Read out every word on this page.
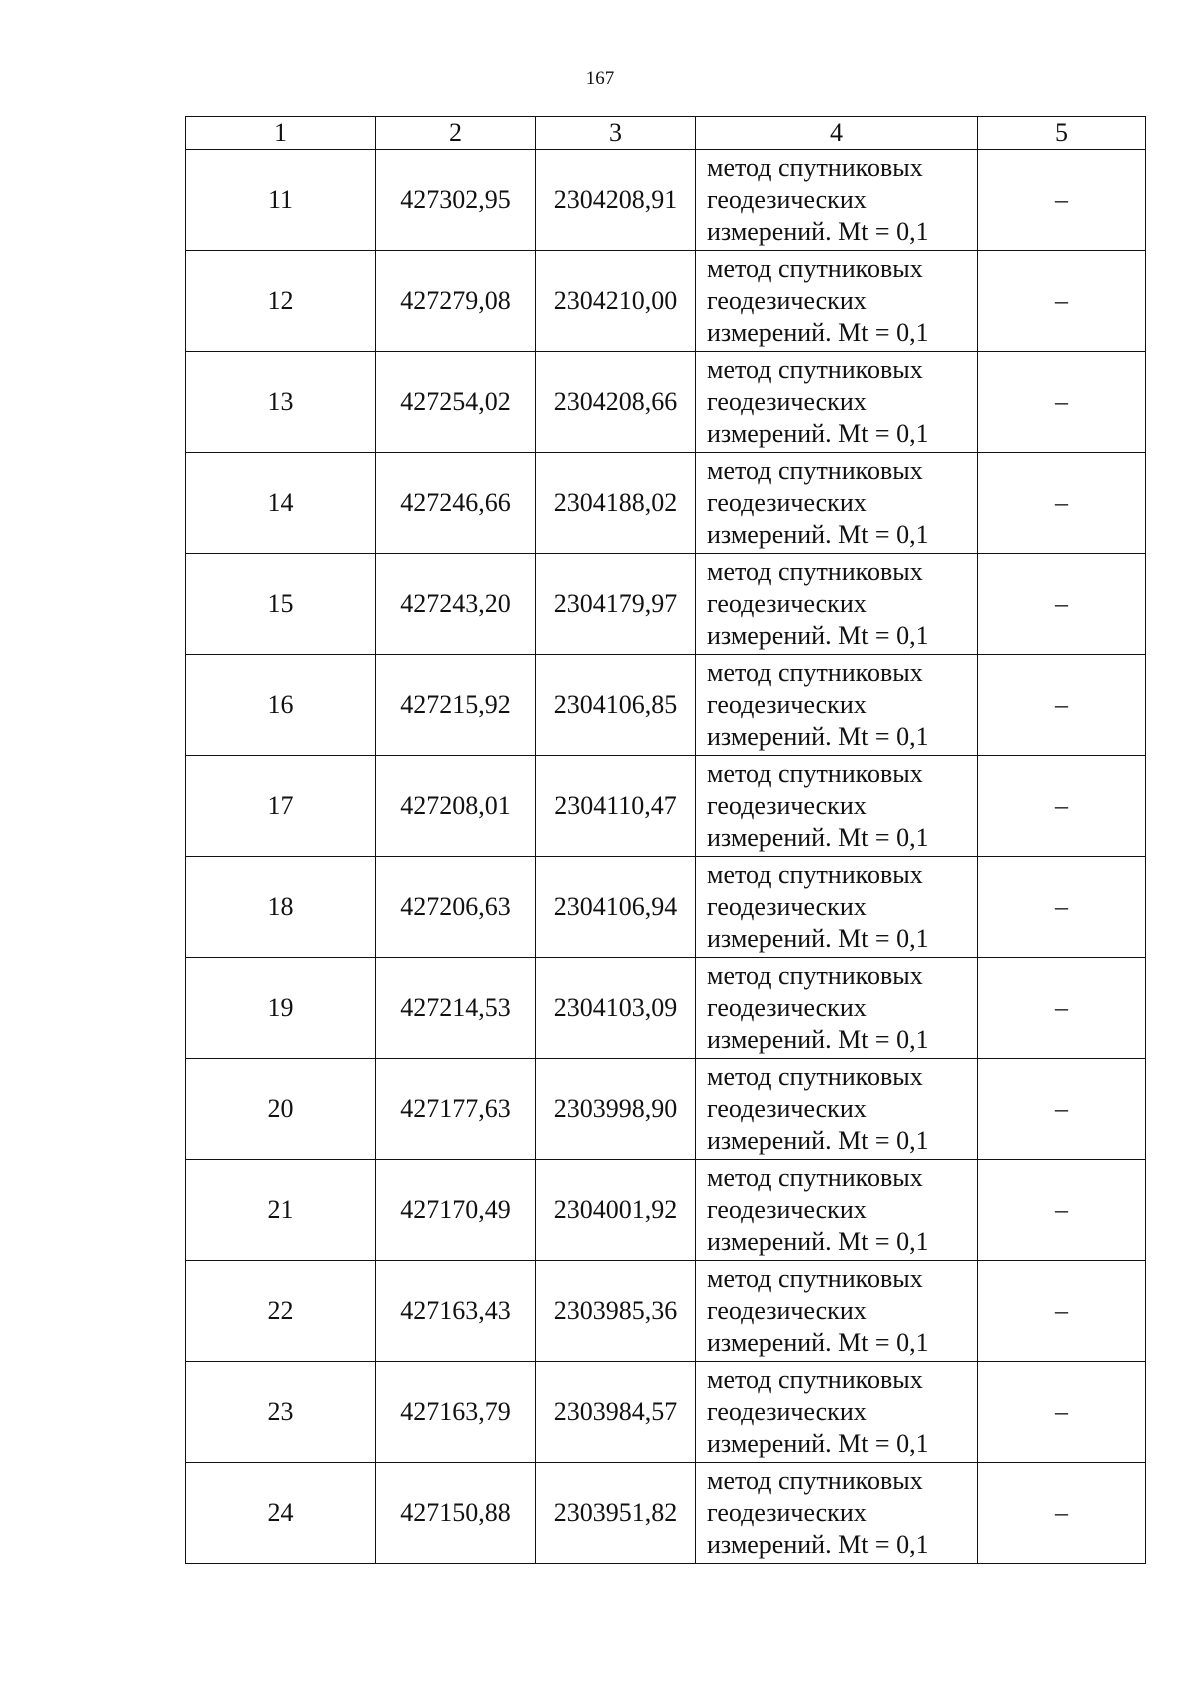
167
1	2	3	4	5
11	427302,95	2304208,91	метод спутниковых
геодезических
измерений. Mt = 0,1	–
12	427279,08	2304210,00	метод спутниковых
геодезических
измерений. Mt = 0,1	–
13	427254,02	2304208,66	метод спутниковых
геодезических
измерений. Mt = 0,1	–
14	427246,66	2304188,02	метод спутниковых
геодезических
измерений. Mt = 0,1	–
15	427243,20	2304179,97	метод спутниковых
геодезических
измерений. Mt = 0,1	–
16	427215,92	2304106,85	метод спутниковых
геодезических
измерений. Mt = 0,1	–
17	427208,01	2304110,47	метод спутниковых
геодезических
измерений. Mt = 0,1	–
18	427206,63	2304106,94	метод спутниковых
геодезических
измерений. Mt = 0,1	–
19	427214,53	2304103,09	метод спутниковых
геодезических
измерений. Mt = 0,1	–
20	427177,63	2303998,90	метод спутниковых
геодезических
измерений. Mt = 0,1	–
21	427170,49	2304001,92	метод спутниковых
геодезических
измерений. Mt = 0,1	–
22	427163,43	2303985,36	метод спутниковых
геодезических
измерений. Mt = 0,1	–
23	427163,79	2303984,57	метод спутниковых
геодезических
измерений. Mt = 0,1	–
24	427150,88	2303951,82	метод спутниковых
геодезических
измерений. Mt = 0,1	–
